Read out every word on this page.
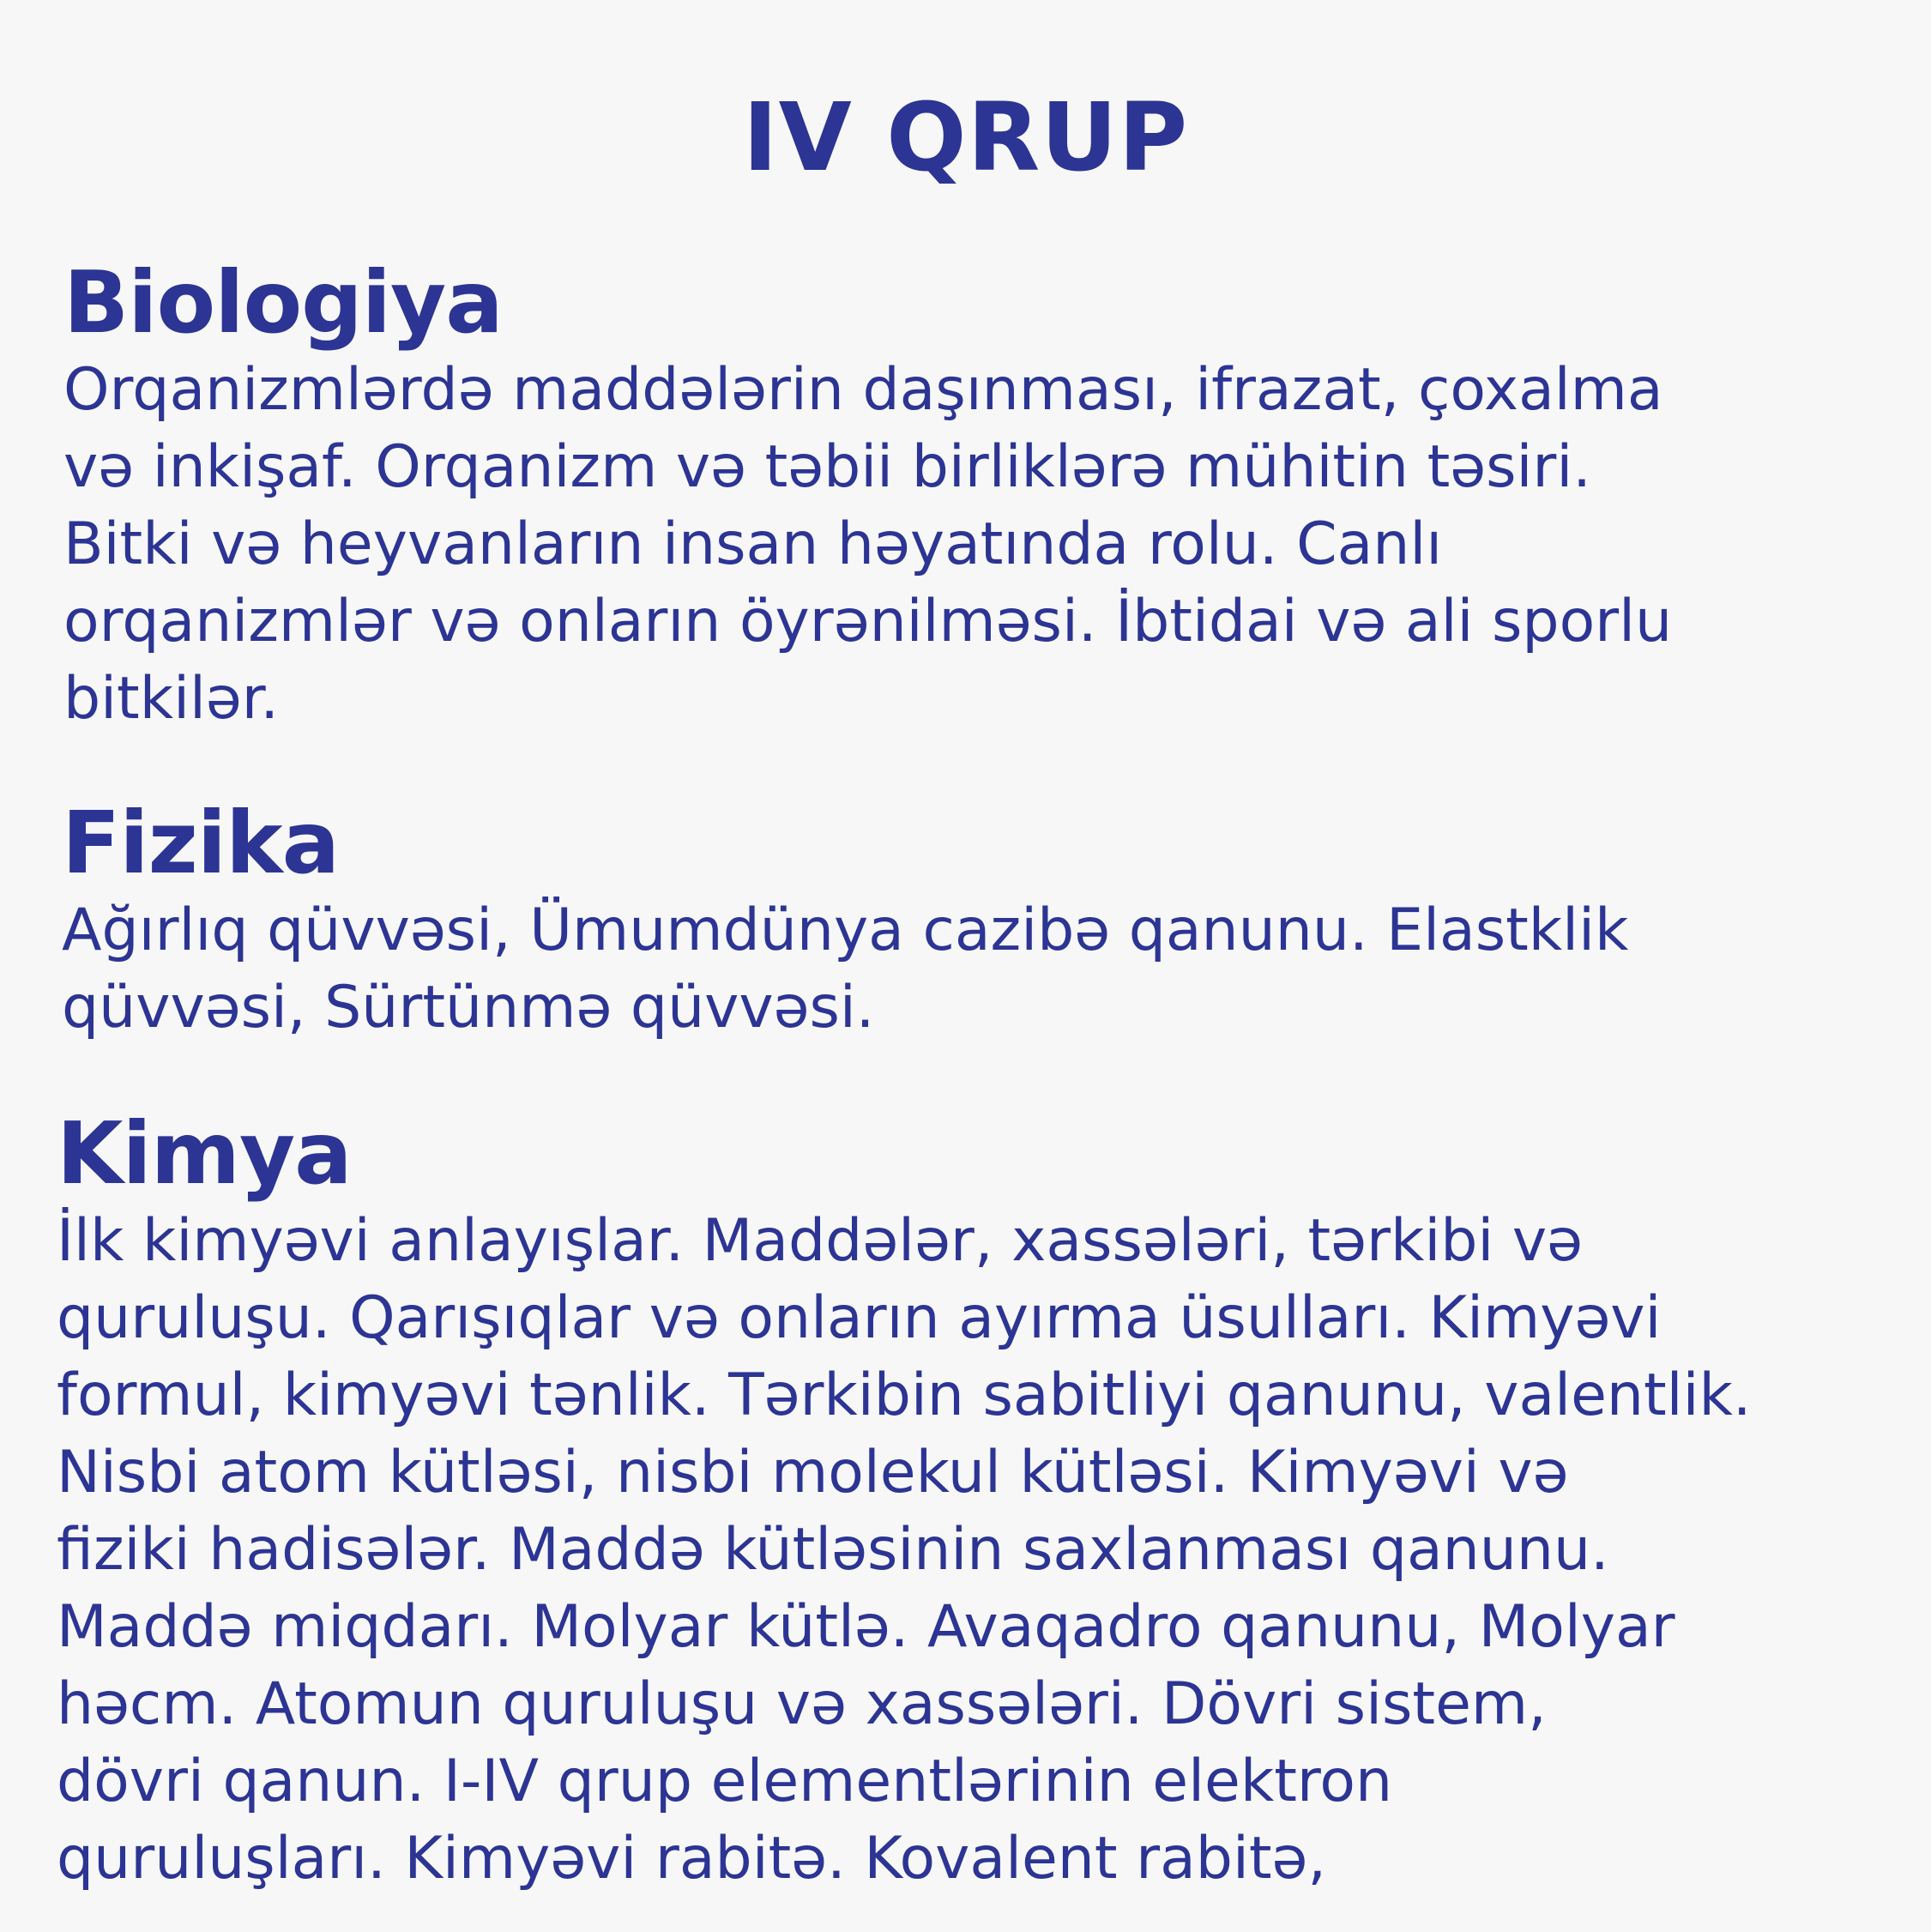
IV QRUP
Biologiya

Orqanizmlərdə maddələrin daşınması, ifrazat, çoxalma
və inkişaf. Orqanizm və təbii birliklərə mühitin təsiri.
Bitki və heyvanların insan həyatında rolu. Canlı
orqanizmlər və onların öyrənilməsi. İbtidai və ali sporlu
bitkilər.

Fizika

Ağırlıq qüvvəsi, Ümumdünya cazibə qanunu. Elastklik
qüvvəsi, Sürtünmə qüvvəsi.

Kimya

İlk kimyəvi anlayışlar. Maddələr, xassələri, tərkibi və
quruluşu. Qarışıqlar və onların ayırma üsulları. Kimyəvi
formul, kimyəvi tənlik. Tərkibin sabitliyi qanunu, valentlik.
Nisbi atom kütləsi, nisbi molekul kütləsi. Kimyəvi və
fiziki hadisələr. Maddə kütləsinin saxlanması qanunu.
Maddə miqdarı. Molyar kütlə. Avaqadro qanunu, Molyar
həcm. Atomun quruluşu və xassələri. Dövri sistem,
dövri qanun. I-IV qrup elementlərinin elektron
quruluşları. Kimyəvi rabitə. Kovalent rabitə,
